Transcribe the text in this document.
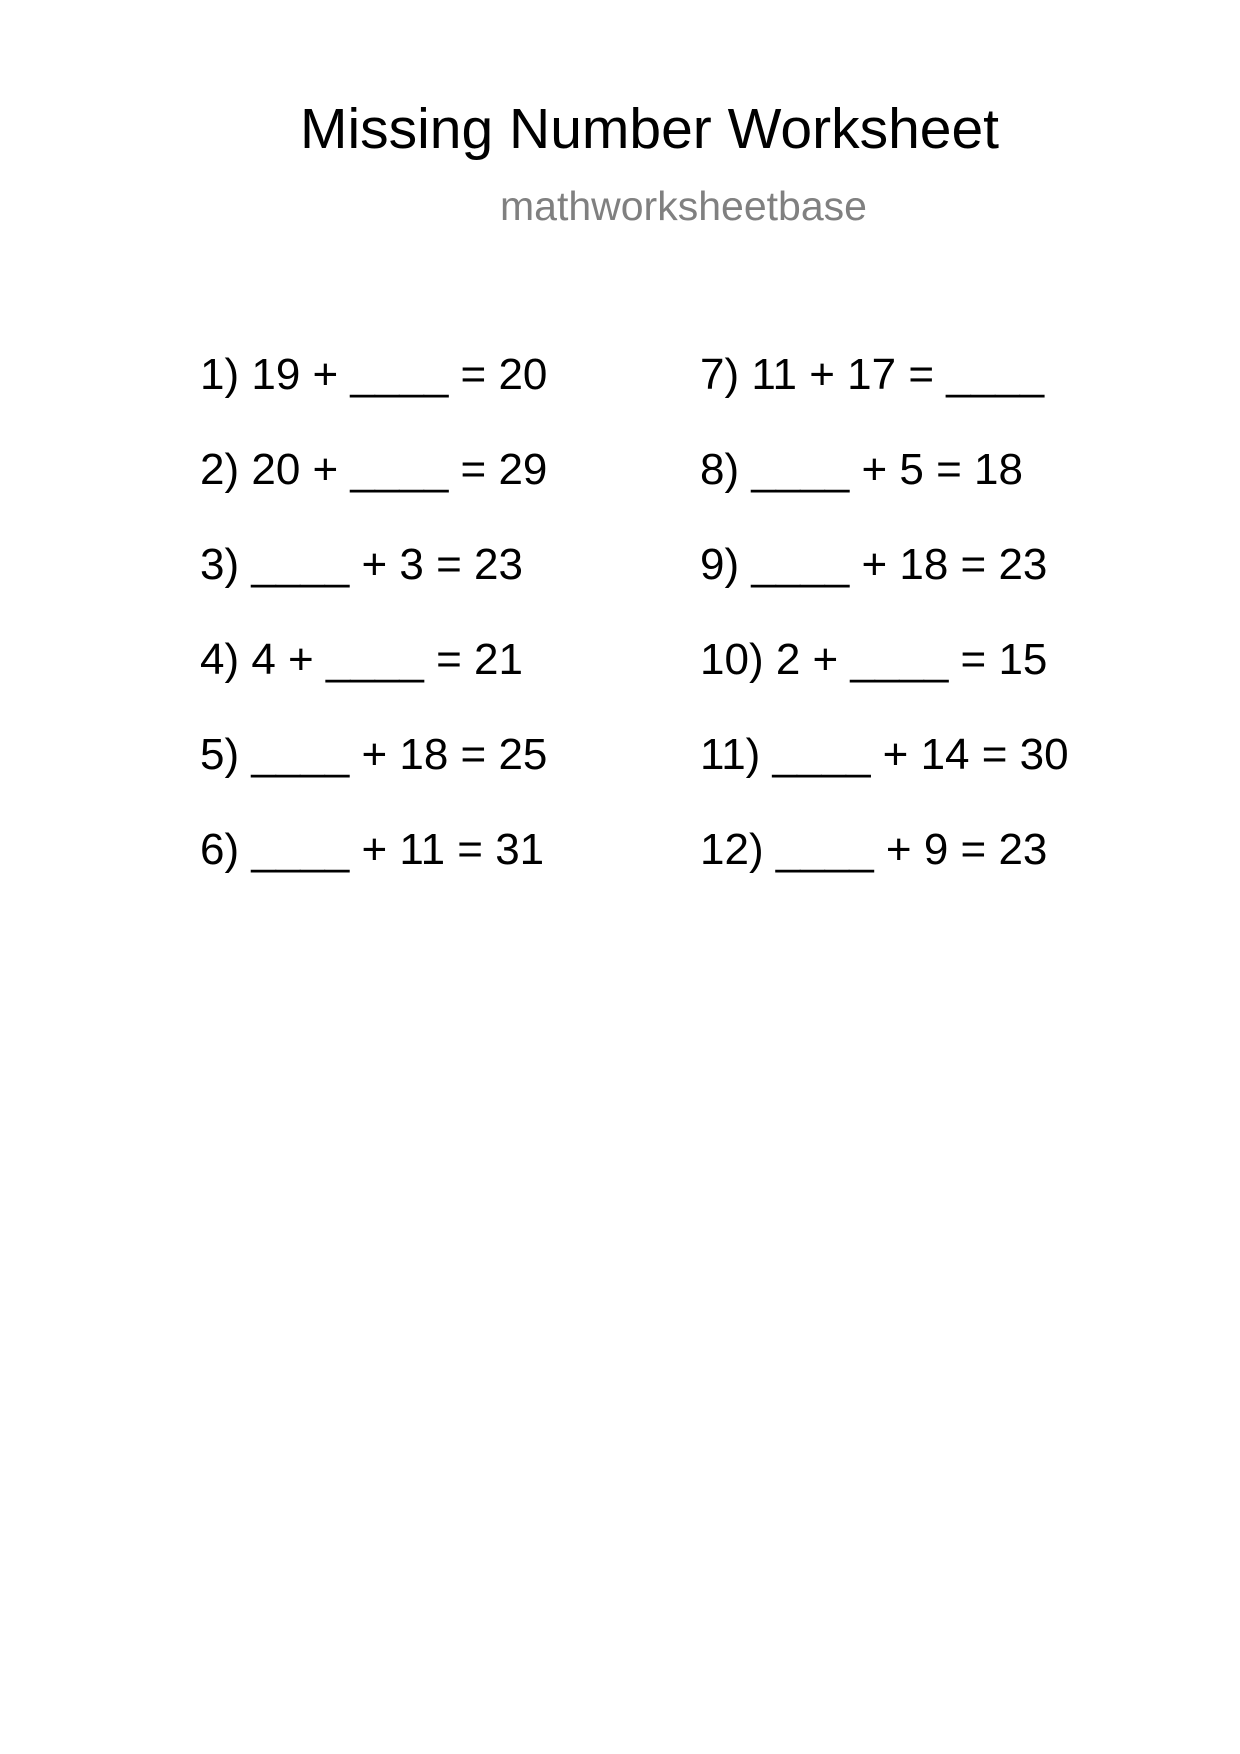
Missing Number Worksheet
mathworksheetbase
1) 19 + ____ = 20
2) 20 + ____ = 29
3) ____ + 3 = 23
4) 4 + ____ = 21
5) ____ + 18 = 25
6) ____ + 11 = 31
7) 11 + 17 = ____
8) ____ + 5 = 18
9) ____ + 18 = 23
10) 2 + ____ = 15
11) ____ + 14 = 30
12) ____ + 9 = 23
